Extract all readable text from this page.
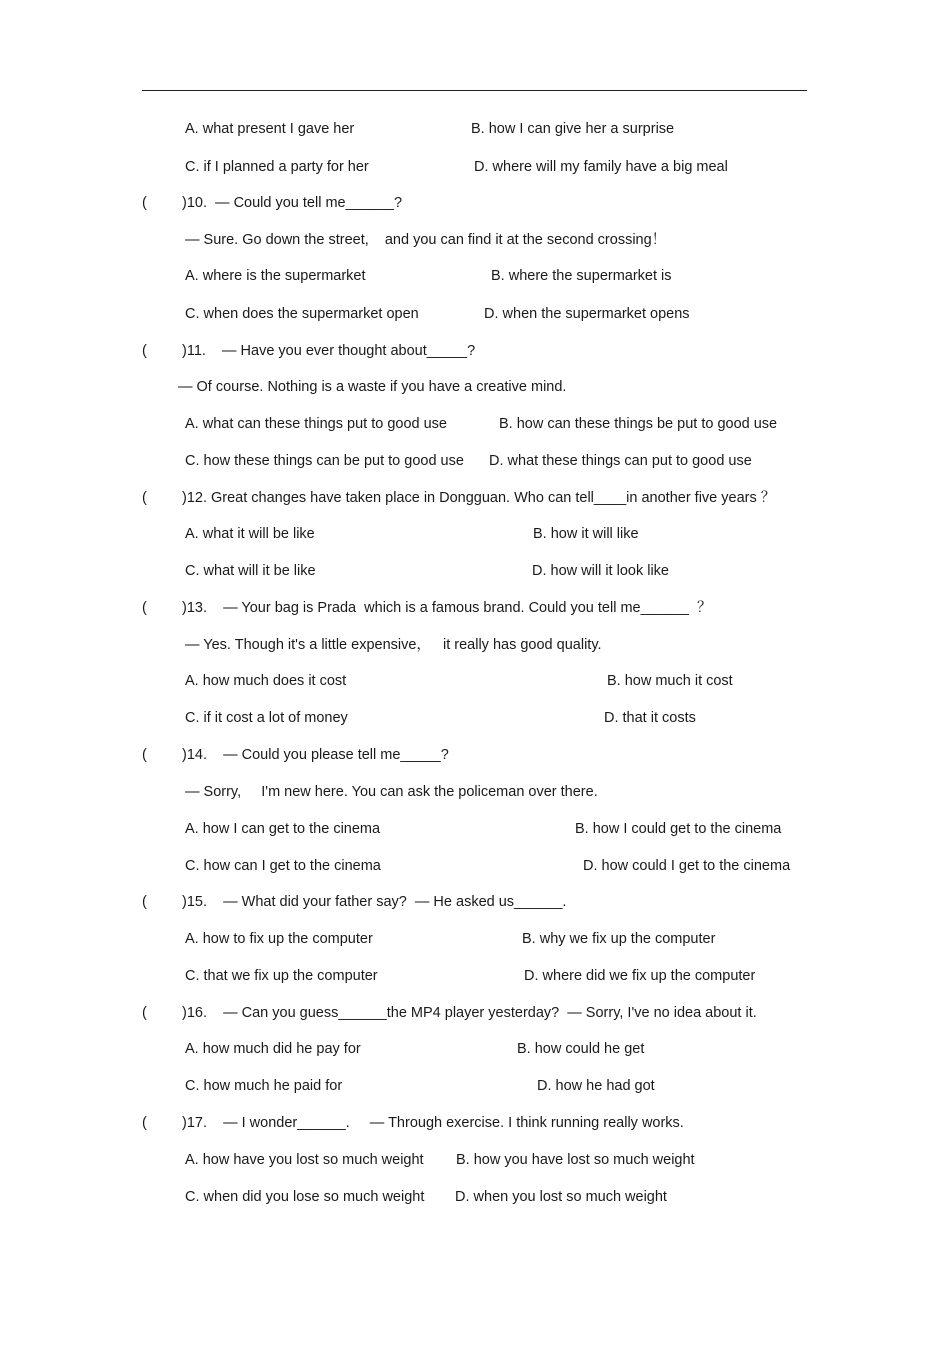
A. what present I gave her	B. how I can give her a surprise
C. if I planned a party for her	D. where will my family have a big meal
( )10.  — Could you tell me______?
— Sure. Go down the street,    and you can find it at the second crossing！
A. where is the supermarket	B. where the supermarket is
C. when does the supermarket open	D. when the supermarket opens
( )11.    — Have you ever thought about_____?
— Of course. Nothing is a waste if you have a creative mind.
A. what can these things put to good use	B. how can these things be put to good use
C. how these things can be put to good use D. what these things can put to good use
( )12. Great changes have taken place in Dongguan. Who can tell____in another five years ？
A. what it will be like	B. how it will like
C. what will it be like	D. how will it look like
( )13.    — Your bag is Prada  which is a famous brand. Could you tell me______  ？
— Yes. Though it's a little expensive，   it really has good quality.
A. how much does it cost	B. how much it cost
C. if it cost a lot of money	D. that it costs
( )14.    — Could you please tell me_____?
— Sorry,     I'm new here. You can ask the policeman over there.
A. how I can get to the cinema	B. how I could get to the cinema
C. how can I get to the cinema	D. how could I get to the cinema
( )15.    — What did your father say?  — He asked us______.
A. how to fix up the computer	B. why we fix up the computer
C. that we fix up the computer	D. where did we fix up the computer
( )16.    — Can you guess______the MP4 player yesterday?  — Sorry, I've no idea about it.
A. how much did he pay for	B. how could he get
C. how much he paid for	D. how he had got
( )17.    — I wonder______.     — Through exercise. I think running really works.
A. how have you lost so much weight B. how you have lost so much weight
C. when did you lose so much weight D. when you lost so much weight
